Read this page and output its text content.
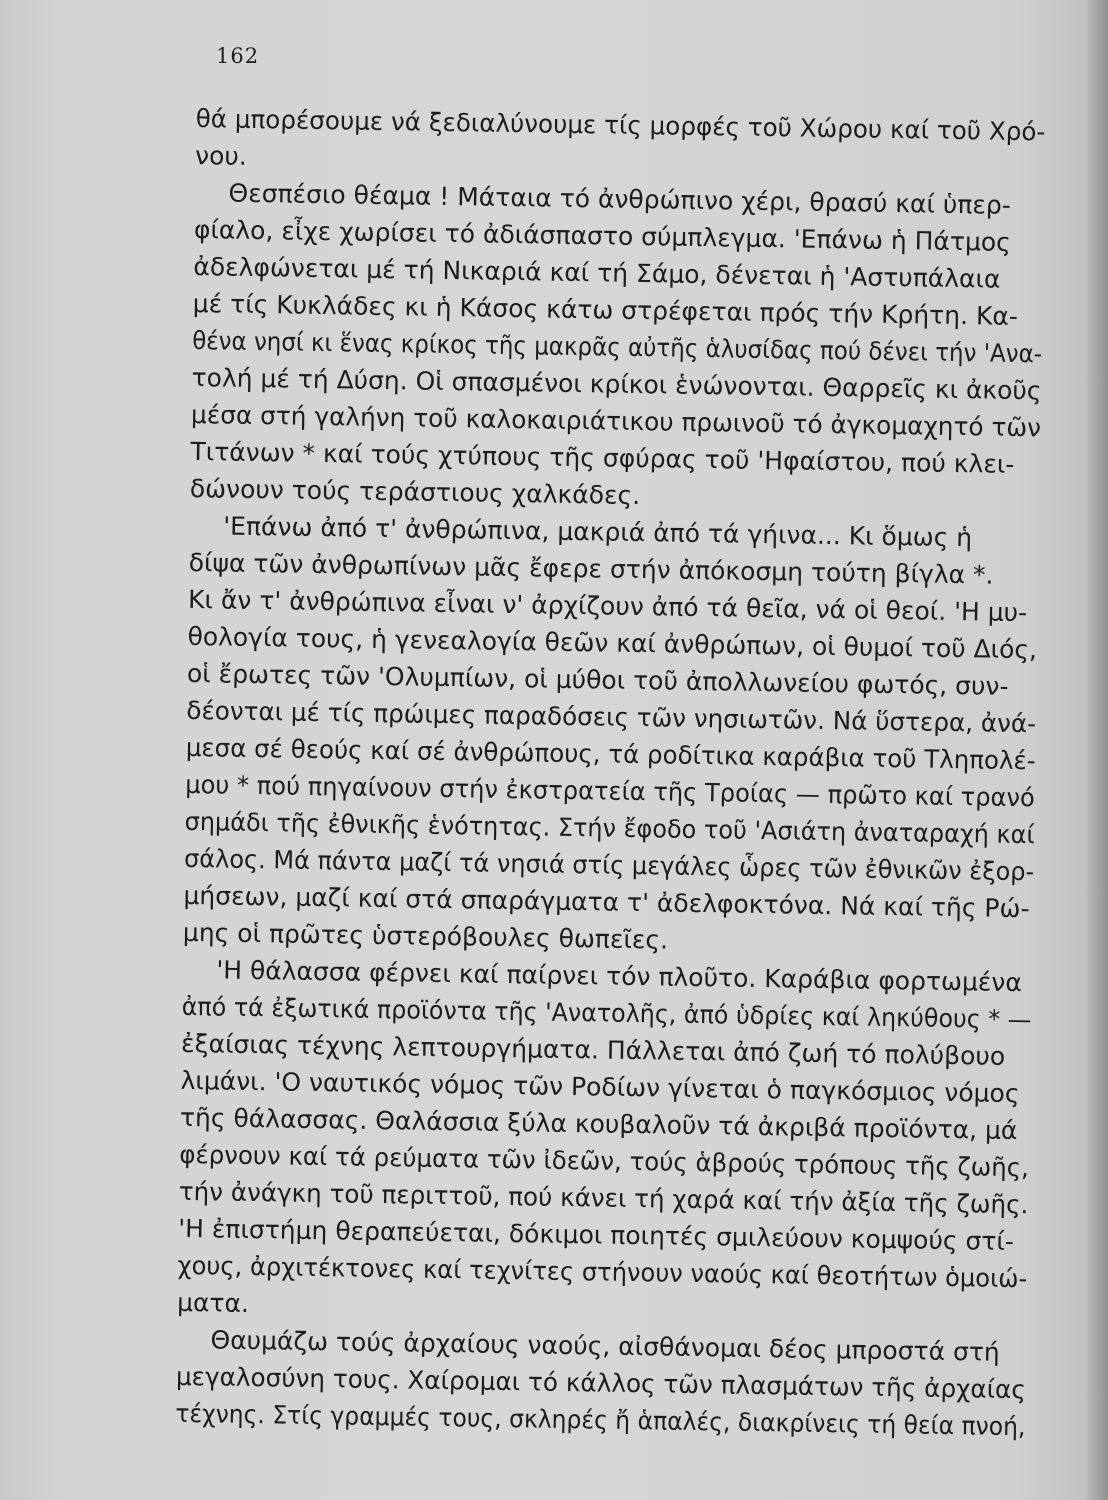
162
θά μπορέσουμε νά ξεδιαλύνουμε τίς μορφές τοῦ Χώρου καί τοῦ Χρό-
νου.
Θεσπέσιο θέαμα ! Μάταια τό ἀνθρώπινο χέρι, θρασύ καί ὑπερ-
φίαλο, εἶχε χωρίσει τό ἀδιάσπαστο σύμπλεγμα. 'Επάνω ἡ Πάτμος
ἀδελφώνεται μέ τή Νικαριά καί τή Σάμο, δένεται ἡ 'Αστυπάλαια
μέ τίς Κυκλάδες κι ἡ Κάσος κάτω στρέφεται πρός τήν Κρήτη. Κα-
θένα νησί κι ἕνας κρίκος τῆς μακρᾶς αὐτῆς ἁλυσίδας πού δένει τήν 'Ανα-
τολή μέ τή Δύση. Οἱ σπασμένοι κρίκοι ἑνώνονται. Θαρρεῖς κι ἀκοῦς
μέσα στή γαλήνη τοῦ καλοκαιριάτικου πρωινοῦ τό ἀγκομαχητό τῶν
Τιτάνων * καί τούς χτύπους τῆς σφύρας τοῦ 'Ηφαίστου, πού κλει-
δώνουν τούς τεράστιους χαλκάδες.
'Επάνω ἀπό τ' ἀνθρώπινα, μακριά ἀπό τά γήινα... Κι ὅμως ἡ
δίψα τῶν ἀνθρωπίνων μᾶς ἔφερε στήν ἀπόκοσμη τούτη βίγλα *.
Κι ἄν τ' ἀνθρώπινα εἶναι ν' ἀρχίζουν ἀπό τά θεῖα, νά οἱ θεοί. 'Η μυ-
θολογία τους, ἡ γενεαλογία θεῶν καί ἀνθρώπων, οἱ θυμοί τοῦ Διός,
οἱ ἔρωτες τῶν 'Ολυμπίων, οἱ μύθοι τοῦ ἀπολλωνείου φωτός, συν-
δέονται μέ τίς πρώιμες παραδόσεις τῶν νησιωτῶν. Νά ὕστερα, ἀνά-
μεσα σέ θεούς καί σέ ἀνθρώπους, τά ροδίτικα καράβια τοῦ Τληπολέ-
μου * πού πηγαίνουν στήν ἐκστρατεία τῆς Τροίας — πρῶτο καί τρανό
σημάδι τῆς ἐθνικῆς ἑνότητας. Στήν ἔφοδο τοῦ 'Ασιάτη ἀναταραχή καί
σάλος. Μά πάντα μαζί τά νησιά στίς μεγάλες ὧρες τῶν ἐθνικῶν ἐξορ-
μήσεων, μαζί καί στά σπαράγματα τ' ἀδελφοκτόνα. Νά καί τῆς Ρώ-
μης οἱ πρῶτες ὑστερόβουλες θωπεῖες.
'Η θάλασσα φέρνει καί παίρνει τόν πλοῦτο. Καράβια φορτωμένα
ἀπό τά ἐξωτικά προϊόντα τῆς 'Ανατολῆς, ἀπό ὑδρίες καί ληκύθους * —
ἐξαίσιας τέχνης λεπτουργήματα. Πάλλεται ἀπό ζωή τό πολύβουο
λιμάνι. 'Ο ναυτικός νόμος τῶν Ροδίων γίνεται ὁ παγκόσμιος νόμος
τῆς θάλασσας. Θαλάσσια ξύλα κουβαλοῦν τά ἀκριβά προϊόντα, μά
φέρνουν καί τά ρεύματα τῶν ἰδεῶν, τούς ἁβρούς τρόπους τῆς ζωῆς,
τήν ἀνάγκη τοῦ περιττοῦ, πού κάνει τή χαρά καί τήν ἀξία τῆς ζωῆς.
'Η ἐπιστήμη θεραπεύεται, δόκιμοι ποιητές σμιλεύουν κομψούς στί-
χους, ἀρχιτέκτονες καί τεχνίτες στήνουν ναούς καί θεοτήτων ὁμοιώ-
ματα.
Θαυμάζω τούς ἀρχαίους ναούς, αἰσθάνομαι δέος μπροστά στή
μεγαλοσύνη τους. Χαίρομαι τό κάλλος τῶν πλασμάτων τῆς ἀρχαίας
τέχνης. Στίς γραμμές τους, σκληρές ἤ ἁπαλές, διακρίνεις τή θεία πνοή,
